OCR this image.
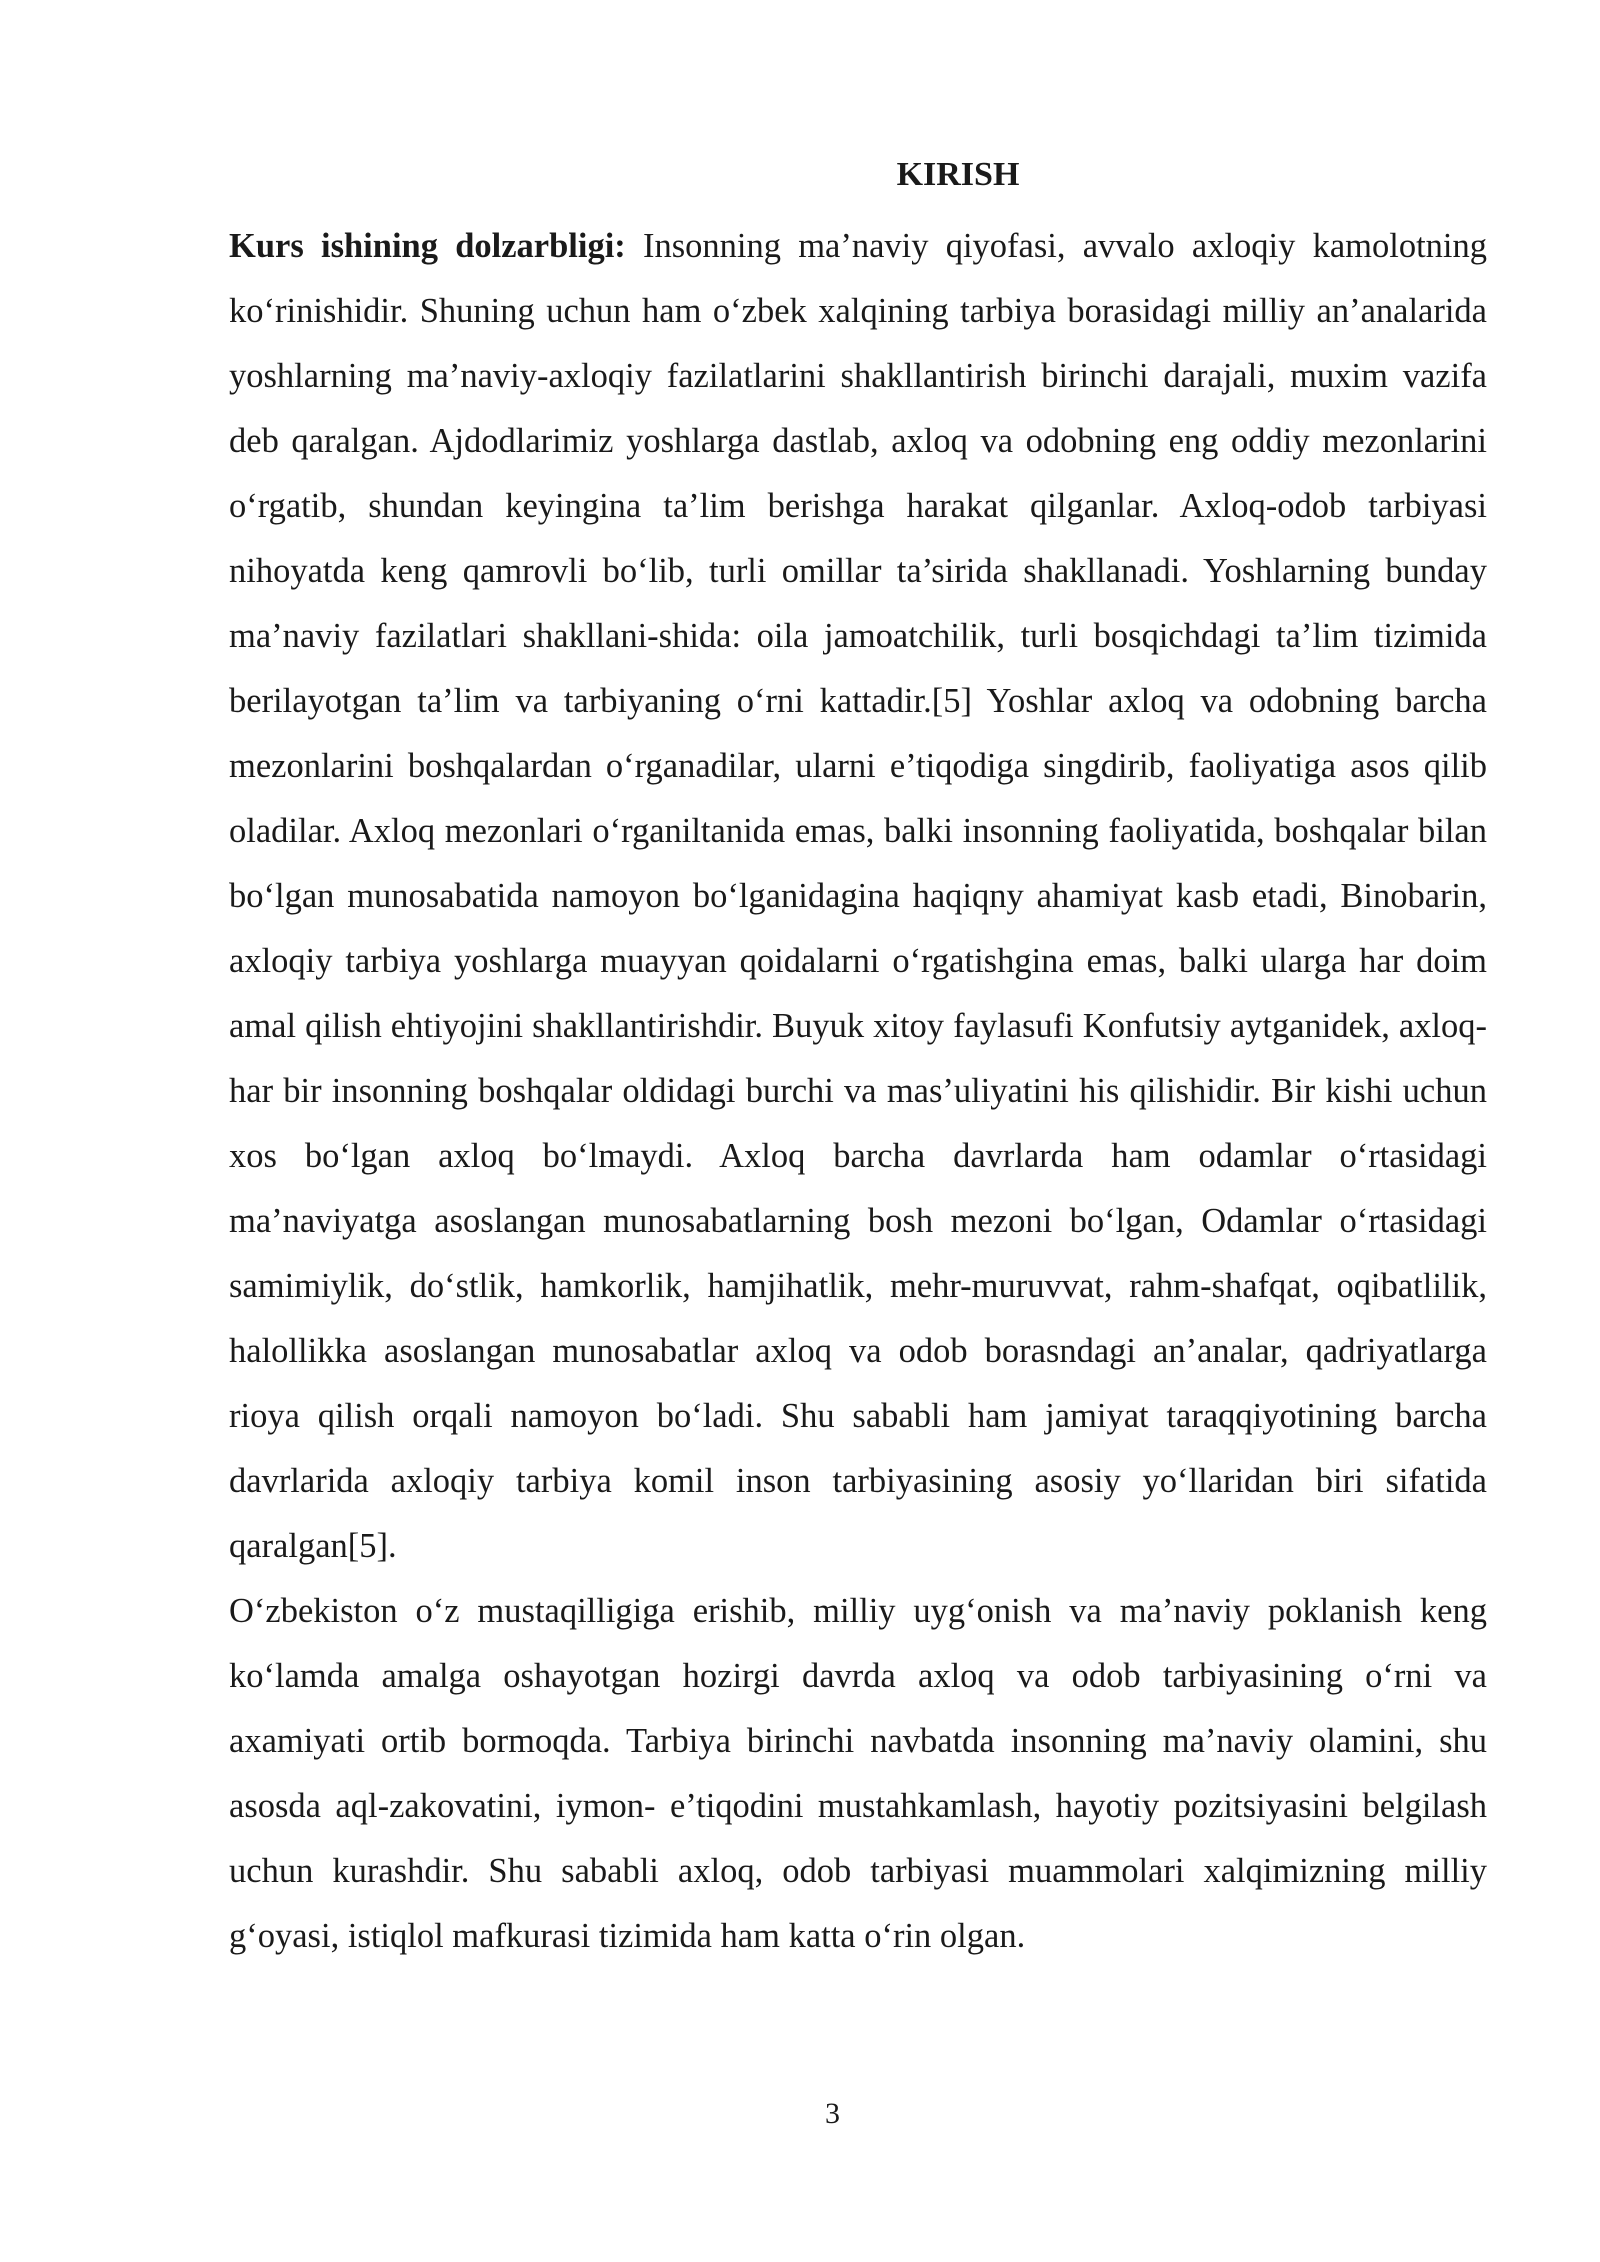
KIRISH

Kurs ishining dolzarbligi: Insonning ma’naviy qiyofasi, avvalo axloqiy kamolotning ko‘rinishidir. Shuning uchun ham o‘zbek xalqining tarbiya borasidagi milliy an’analarida yoshlarning ma’naviy-axloqiy fazilatlarini shakllantirish birinchi darajali, muxim vazifa deb qaralgan. Ajdodlarimiz yoshlarga dastlab, axloq va odobning eng oddiy mezonlarini o‘rgatib, shundan keyingina ta’lim berishga harakat qilganlar. Axloq-odob tarbiyasi nihoyatda keng qamrovli bo‘lib, turli omillar ta’sirida shakllanadi. Yoshlarning bunday ma’naviy fazilatlari shakllani-shida: oila jamoatchilik, turli bosqichdagi ta’lim tizimida berilayotgan ta’lim va tarbiyaning o‘rni kattadir.[5] Yoshlar axloq va odobning barcha mezonlarini boshqalardan o‘rganadilar, ularni e’tiqodiga singdirib, faoliyatiga asos qilib oladilar. Axloq mezonlari o‘rganiltanida emas, balki insonning faoliyatida, boshqalar bilan bo‘lgan munosabatida namoyon bo‘lganidagina haqiqny ahamiyat kasb etadi, Binobarin, axloqiy tarbiya yoshlarga muayyan qoidalarni o‘rgatishgina emas, balki ularga har doim amal qilish ehtiyojini shakllantirishdir. Buyuk xitoy faylasufi Konfutsiy aytganidek, axloq-har bir insonning boshqalar oldidagi burchi va mas’uliyatini his qilishidir. Bir kishi uchun xos bo‘lgan axloq bo‘lmaydi. Axloq barcha davrlarda ham odamlar o‘rtasidagi ma’naviyatga asoslangan munosabatlarning bosh mezoni bo‘lgan, Odamlar o‘rtasidagi samimiylik, do‘stlik, hamkorlik, hamjihatlik, mehr-muruvvat, rahm-shafqat, oqibatlilik, halollikka asoslangan munosabatlar axloq va odob borasndagi an’analar, qadriyatlarga rioya qilish orqali namoyon bo‘ladi. Shu sababli ham jamiyat taraqqiyotining barcha davrlarida axloqiy tarbiya komil inson tarbiyasining asosiy yo‘llaridan biri sifatida qaralgan[5].

O‘zbekiston o‘z mustaqilligiga erishib, milliy uyg‘onish va ma’naviy poklanish keng ko‘lamda amalga oshayotgan hozirgi davrda axloq va odob tarbiyasining o‘rni va axamiyati ortib bormoqda. Tarbiya birinchi navbatda insonning ma’naviy olamini, shu asosda aql-zakovatini, iymon- e’tiqodini mustahkamlash, hayotiy pozitsiyasini belgilash uchun kurashdir. Shu sababli axloq, odob tarbiyasi muammolari xalqimizning milliy g‘oyasi, istiqlol mafkurasi tizimida ham katta o‘rin olgan.

3
